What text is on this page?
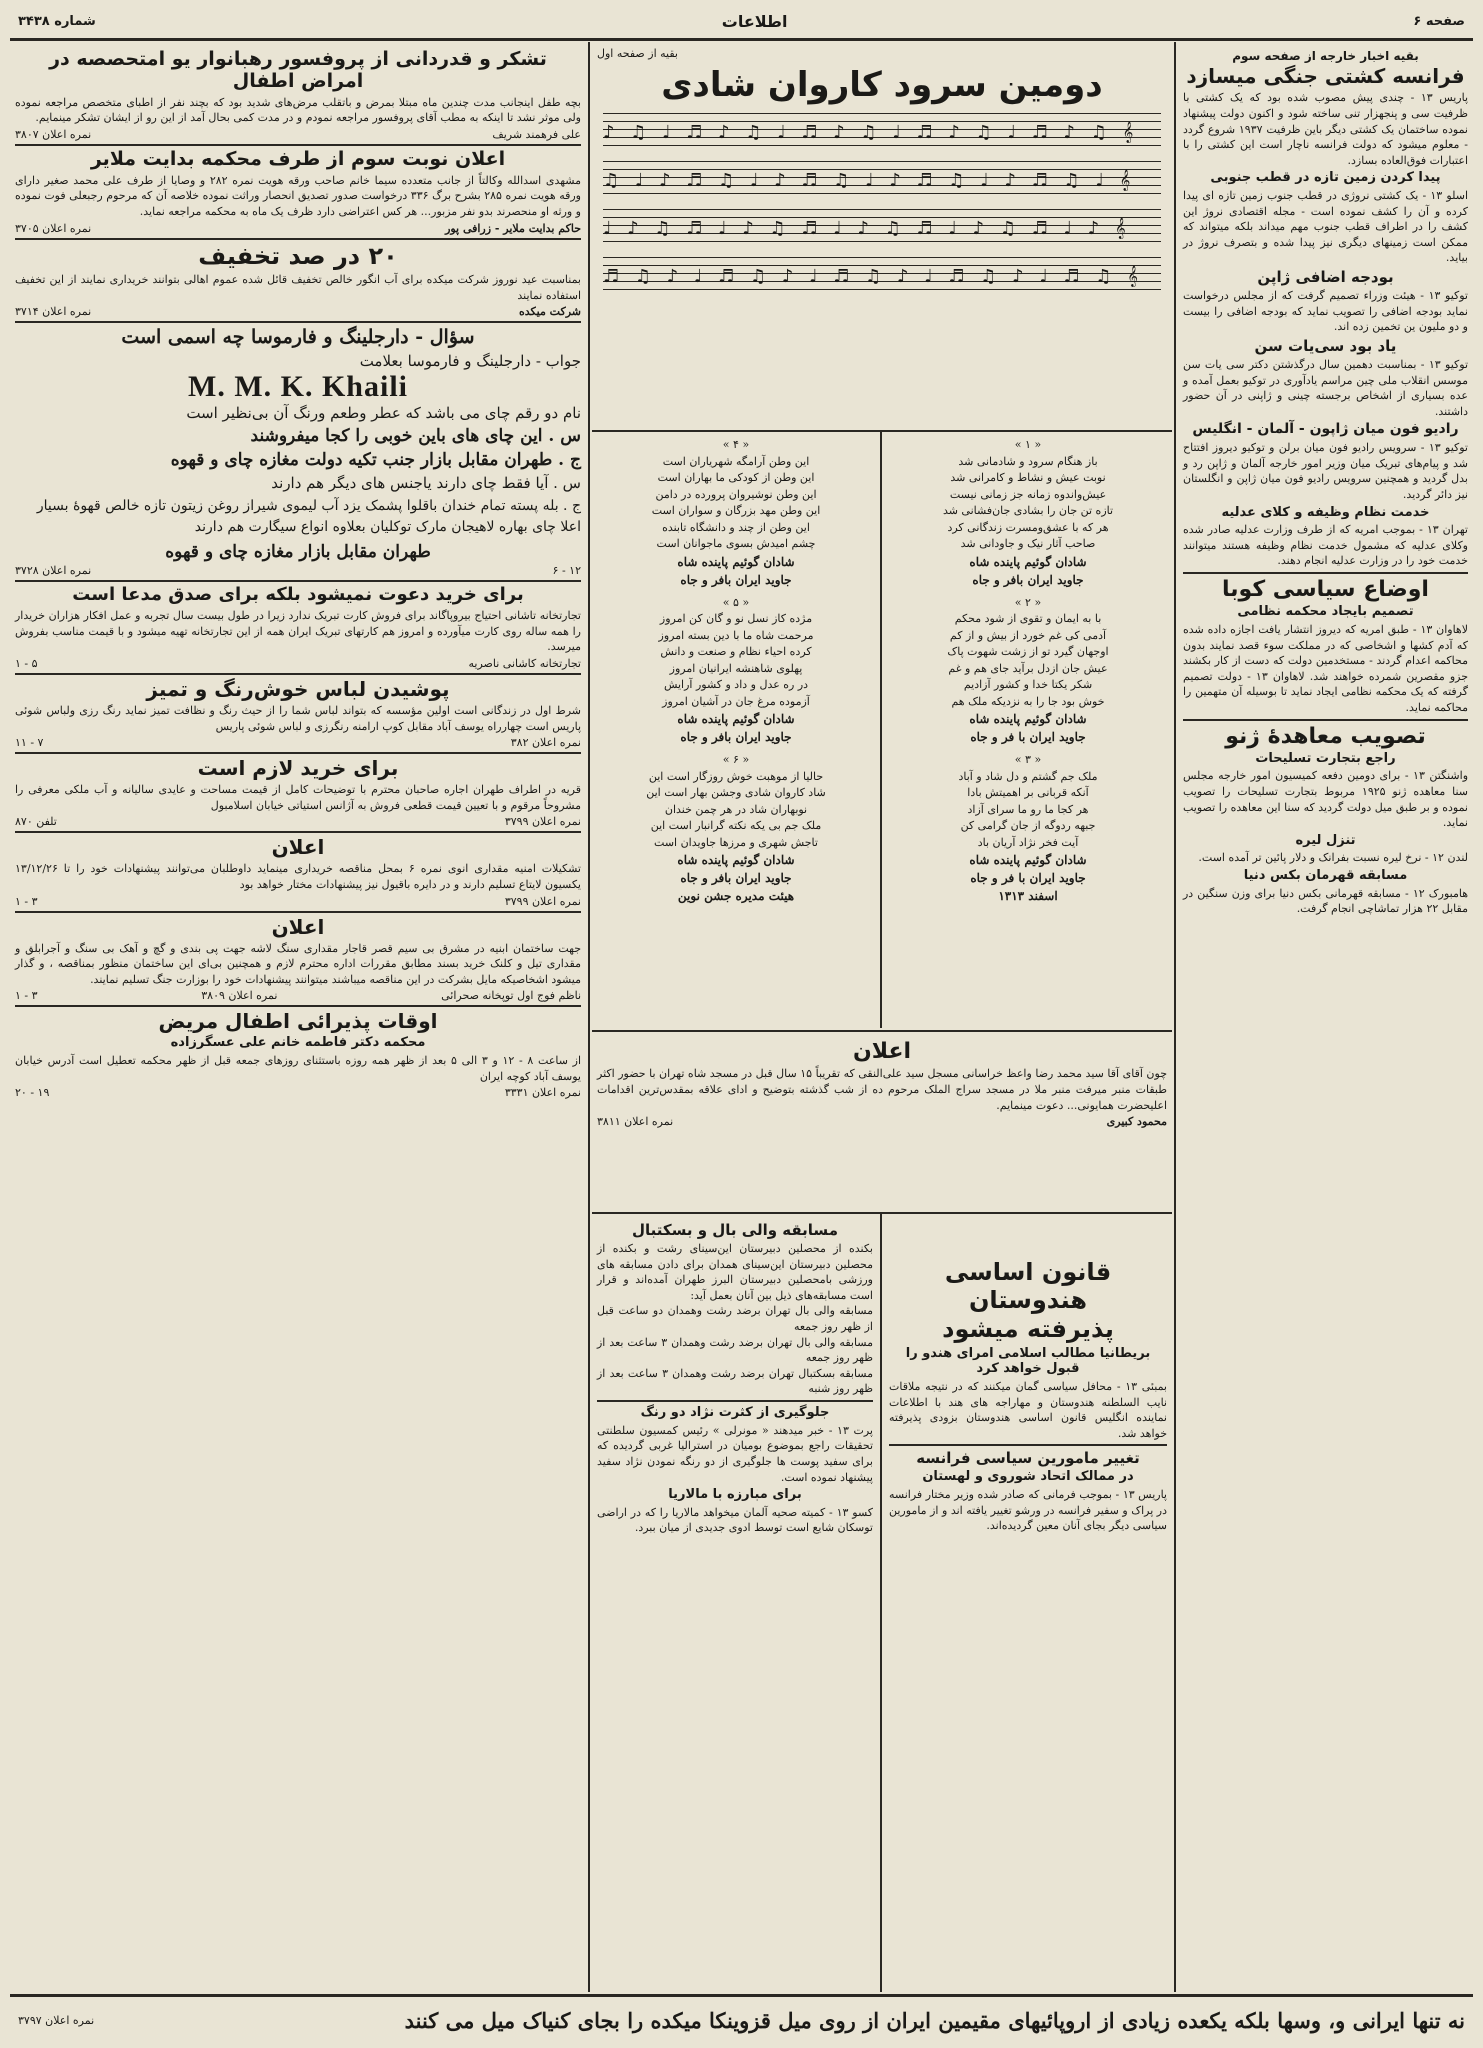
صفحه ۶
اطلاعات
شماره ۳۴۳۸
بقیه اخبار خارجه از صفحه سوم
فرانسه کشتی جنگی میسازد

پاریس ۱۳ - چندی پیش مصوب شده بود که یک کشتی با ظرفیت سی و پنجهزار تنی ساخته شود و اکنون دولت پیشنهاد نموده ساختمان یک کشتی دیگر باین ظرفیت ۱۹۳۷ شروع گردد - معلوم میشود که دولت فرانسه ناچار است این کشتی را با اعتبارات فوق‌العاده بسازد.

پیدا کردن زمین تازه در قطب جنوبی

اسلو ۱۳ - یک کشتی نروژی در قطب جنوب زمین تازه ای پیدا کرده و آن را کشف نموده است - مجله اقتصادی نروژ این کشف را در اطراف قطب جنوب مهم میداند بلکه میتواند که ممکن است زمینهای دیگری نیز پیدا شده و بتصرف نروژ در بیاید.

بودجه اضافی ژاپن

توکیو ۱۳ - هیئت وزراء تصمیم گرفت که از مجلس درخواست نماید بودجه اضافی را تصویب نماید که بودجه اضافی را بیست و دو ملیون ین تخمین زده اند.

یاد بود سی‌یات سن

توکیو ۱۳ - بمناسبت دهمین سال درگذشتن دکتر سی یات سن موسس انقلاب ملی چین مراسم یادآوری در توکیو بعمل آمده و عده بسیاری از اشخاص برجسته چینی و ژاپنی در آن حضور داشتند.

رادیو فون میان ژاپون - آلمان - انگلیس

توکیو ۱۳ - سرویس رادیو فون میان برلن و توکیو دیروز افتتاح شد و پیام‌های تبریک میان وزیر امور خارجه آلمان و ژاپن رد و بدل گردید و همچنین سرویس رادیو فون میان ژاپن و انگلستان نیز دائر گردید.

خدمت نظام وظیفه و کلای عدلیه

تهران ۱۳ - بموجب امریه که از طرف وزارت عدلیه صادر شده وکلای عدلیه که مشمول خدمت نظام وظیفه هستند میتوانند خدمت خود را در وزارت عدلیه انجام دهند.

اوضاع سیاسی کوبا
تصمیم بایجاد محکمه نظامی

لاهاوان ۱۳ - طبق امریه که دیروز انتشار یافت اجازه داده شده که آدم کشها و اشخاصی که در مملکت سوء قصد نمایند بدون محاکمه اعدام گردند - مستخدمین دولت که دست از کار بکشند جزو مقصرین شمرده خواهند شد. لاهاوان ۱۳ - دولت تصمیم گرفته که یک محکمه نظامی ایجاد نماید تا بوسیله آن متهمین را محاکمه نماید.

تصویب معاهدهٔ ژنو
راجع بتجارت تسلیحات

واشنگتن ۱۳ - برای دومین دفعه کمیسیون امور خارجه مجلس سنا معاهده ژنو ۱۹۲۵ مربوط بتجارت تسلیحات را تصویب نموده و بر طبق میل دولت گردید که سنا این معاهده را تصویب نماید.

تنزل لیره

لندن ۱۲ - نرخ لیره نسبت بفرانک و دلار پائین تر آمده است.

مسابقه قهرمان بکس دنیا

هامبورک ۱۲ - مسابقه قهرمانی بکس دنیا برای وزن سنگین در مقابل ۲۲ هزار تماشاچی انجام گرفت.

بقیه از صفحه اول
دومین سرود کاروان شادی
♪ ♫ ♩ ♬ ♪ ♫ ♩ ♬ ♪ ♫ ♩ ♬ ♪ ♫ ♩ ♬ ♪ ♫ 𝄞
♫ ♩ ♪ ♬ ♫ ♩ ♪ ♬ ♫ ♩ ♪ ♬ ♫ ♩ ♪ ♬ ♫ ♩ 𝄞
♩ ♪ ♫ ♬ ♩ ♪ ♫ ♬ ♩ ♪ ♫ ♬ ♩ ♪ ♫ ♬ ♩ ♪ 𝄞
♬ ♫ ♪ ♩ ♬ ♫ ♪ ♩ ♬ ♫ ♪ ♩ ♬ ♫ ♪ ♩ ♬ ♫ 𝄞
« ۱ »
باز هنگام سرود و شادمانی شد
نوبت عیش و نشاط و کامرانی شد
عیش‌واندوه زمانه جز زمانی نیست
تازه تن جان را بشادی جان‌فشانی شد
هر که با عشق‌ومسرت زندگانی کرد
صاحب آثار نیک و جاودانی شد
شادان گوئیم پاینده شاه
جاوید ایران بافر و جاه
« ۲ »
با به ایمان و تقوی از شود محکم
آدمی کی غم خورد از بیش و از کم
اوجهان گیرد تو از زشت شهوت پاک
عیش جان ازدل برآید جای هم و غم
شکر یکتا خدا و کشور آزادیم
خوش بود جا را به نزدیکه ملک هم
شادان گوئیم پاینده شاه
جاوید ایران با فر و جاه
« ۳ »
ملک جم گشتم و دل شاد و آباد
آنکه قربانی بر اهمیتش بادا
هر کجا ما رو ما سرای آزاد
جبهه ردوگه از جان گرامی کن
آیت فخر نژاد آریان باد
شادان گوئیم پاینده شاه
جاوید ایران با فر و جاه
اسفند ۱۳۱۳
« ۴ »
این وطن آرامگه شهریاران است
این وطن از کودکی ما بهاران است
این وطن نوشیروان پرورده در دامن
این وطن مهد بزرگان و سواران است
این وطن از چند و دانشگاه تابنده
چشم امیدش بسوی ماجوانان است
شادان گوئیم پاینده شاه
جاوید ایران بافر و جاه
« ۵ »
مژده کاز نسل نو و گان کن امروز
مرحمت شاه ما با دین بسته امروز
کرده احیاء نظام و صنعت و دانش
پهلوی شاهنشه ایرانیان امروز
در ره عدل و داد و کشور آرایش
آزموده مرغ جان در آشیان امروز
شادان گوئیم پاینده شاه
جاوید ایران بافر و جاه
« ۶ »
حالیا از موهبت خوش روزگار است این
شاد کاروان شادی وجشن بهار است این
نوبهاران شاد در هر چمن خندان
ملک جم بی یکه نکته گرانبار است این
تاجش شهری و مرزها جاویدان است
شادان گوئیم پاینده شاه
جاوید ایران بافر و جاه
هیئت مدیره جشن نوین
اعلان

چون آقای آقا سید محمد رضا واعظ خراسانی مسجل سید علی‌النقی که تقریباً ۱۵ سال قبل در مسجد شاه تهران با حضور اکثر طبقات منبر میرفت منبر ملا در مسجد سراج الملک مرحوم ده از شب گذشته بتوضیح و ادای علاقه بمقدس‌ترین اقدامات اعلیحضرت همایونی... دعوت مینمایم.

محمود کبیری
نمره اعلان ۳۸۱۱
مسابقه والی بال و بسکتبال

بکنده از محصلین دبیرستان این‌سینای رشت و بکنده از محصلین دبیرستان این‌سینای همدان برای دادن مسابقه های ورزشی بامحصلین دبیرستان البرز طهران آمده‌اند و قرار است مسابقه‌های ذیل بین آنان بعمل آید:
مسابقه والی بال تهران برضد رشت وهمدان دو ساعت قبل از ظهر روز جمعه
مسابقه والی بال تهران برضد رشت وهمدان ۳ ساعت بعد از ظهر روز جمعه
مسابقه بسکتبال تهران برضد رشت وهمدان ۳ ساعت بعد از ظهر روز شنبه

جلوگیری از کثرت نژاد دو رنگ

پرت ۱۳ - خبر میدهند « مونرلی » رئیس کمسیون سلطنتی تحقیقات راجع بموضوع بومیان در استرالیا غربی گردیده که برای سفید پوست ها جلوگیری از دو رنگه نمودن نژاد سفید پیشنهاد نموده است.

برای مبارزه با مالاریا

کسو ۱۳ - کمیته صحیه آلمان میخواهد مالاریا را که در اراضی توسکان شایع است توسط ادوی جدیدی از میان ببرد.

قانون اساسی هندوستان
پذیرفته میشود
بریطانیا مطالب اسلامی امرای هندو را قبول خواهد کرد

بمبئی ۱۳ - محافل سیاسی گمان میکنند که در نتیجه ملاقات نایب السلطنه هندوستان و مهاراجه های هند با اطلاعات نماینده انگلیس قانون اساسی هندوستان بزودی پذیرفته خواهد شد.

تغییر مامورین سیاسی فرانسه
در ممالک اتحاد شوروی و لهستان

پاریس ۱۳ - بموجب فرمانی که صادر شده وزیر مختار فرانسه در پراک و سفیر فرانسه در ورشو تغییر یافته اند و از مامورین سیاسی دیگر بجای آنان معین گردیده‌اند.

تشکر و قدردانی از پروفسور رهبانوار یو امتحصصه در امراض اطفال

بچه طفل اینجانب مدت چندین ماه مبتلا بمرض و باتقلب مرض‌های شدید بود که بچند نفر از اطبای متخصص مراجعه نموده ولی موثر نشد تا اینکه به مطب آقای پروفسور مراجعه نمودم و در مدت کمی بحال آمد از این رو از ایشان تشکر مینمایم.

علی فرهمند شریف
نمره اعلان ۳۸۰۷
اعلان نوبت سوم از طرف محکمه بدایت ملایر

مشهدی اسدالله وکالتاً از جانب متعدده سیما خانم صاحب ورقه هویت نمره ۲۸۲ و وصایا از طرف علی محمد صغیر دارای ورقه هویت نمره ۲۸۵ بشرح برگ ۳۳۶ درخواست صدور تصدیق انحصار وراثت نموده خلاصه آن که مرحوم رجبعلی فوت نموده و ورثه او منحصرند بدو نفر مزبور... هر کس اعتراضی دارد ظرف یک ماه به محکمه مراجعه نماید.

حاکم بدایت ملایر - زرافی پور
نمره اعلان ۳۷۰۵
۲۰ در صد تخفیف

بمناسبت عید نوروز شرکت میکده برای آب انگور خالص تخفیف قائل شده عموم اهالی بتوانند خریداری نمایند از این تخفیف استفاده نمایند

شرکت میکده
نمره اعلان ۳۷۱۴
سؤال - دارجلینگ و فارموسا چه اسمی است
جواب - دارجلینگ و فارموسا بعلامت
M. M. K. Khaili
نام دو رقم چای می باشد که عطر وطعم ورنگ آن بی‌نظیر است
س . این چای های باین خوبی را کجا میفروشند
ج . طهران مقابل بازار جنب تکیه دولت مغازه چای و قهوه
س . آیا فقط چای دارند یاجنس های دیگر هم دارند
ج . بله پسته تمام خندان باقلوا پشمک یزد آب لیموی شیراز روغن زیتون تازه خالص قهوهٔ بسیار اعلا چای بهاره لاهیجان مارک توکلیان بعلاوه انواع سیگارت هم دارند
طهران مقابل بازار مغازه چای و قهوه
۱۲ - ۶
نمره اعلان ۳۷۲۸
برای خرید دعوت نمیشود بلکه برای صدق مدعا است

تجارتخانه تاشانی احتیاج بیروپاگاند برای فروش کارت تبریک ندارد زیرا در طول بیست سال تجربه و عمل افکار هزاران خریدار را همه ساله روی کارت میآورده و امروز هم کارتهای تبریک ایران همه از این تجارتخانه تهیه میشود و با قیمت مناسب بفروش میرسد.

تجارتخانه کاشانی ناصریه
۵ - ۱
پوشیدن لباس خوش‌رنگ و تمیز

شرط اول در زندگانی است اولین مؤسسه که بتواند لباس شما را از حیث رنگ و نظافت تمیز نماید رنگ رزی ولباس شوئی پاریس است چهارراه یوسف آباد مقابل کوپ ارامنه رنگرزی و لباس شوئی پاریس

نمره اعلان ۳۸۲
۷ - ۱۱
برای خرید لازم است

قریه در اطراف طهران اجاره صاحبان محترم با توضیحات کامل از قیمت مساحت و عایدی سالیانه و آب ملکی معرفی را مشروحاً مرقوم و با تعیین قیمت قطعی فروش به آژانس استیاتی خیابان اسلامبول

نمره اعلان ۳۷۹۹
تلفن ۸۷۰
اعلان

تشکیلات امنیه مقداری انوی نمره ۶ بمحل مناقصه خریداری مینماید داوطلبان می‌توانند پیشنهادات خود را تا ۱۳/۱۲/۲۶ یکسیون لایتاع تسلیم دارند و در دایره باقیول نیز پیشنهادات مختار خواهد بود

نمره اعلان ۳۷۹۹
۳ - ۱
اعلان

جهت ساختمان ابنیه در مشرق بی سیم قصر قاجار مقداری سنگ لاشه جهت پی بندی و گچ و آهک بی سنگ و آجرابلق و مقداری تیل و کلنک خرید بسند مطابق مقررات اداره محترم لازم و همچنین بی‌ای این ساختمان منظور بمناقصه ، و گذار میشود اشخاصیکه مایل بشرکت در این مناقصه میباشند میتوانند پیشنهادات خود را بوزارت جنگ تسلیم نمایند.

ناظم فوج اول توپخانه صحرائی
نمره اعلان ۳۸۰۹
۳ - ۱
اوقات پذیرائی اطفال مریض
محکمه دکتر فاطمه خانم علی عسگرزاده

از ساعت ۸ - ۱۲ و ۳ الی ۵ بعد از ظهر همه روزه باستثنای روزهای جمعه قبل از ظهر محکمه تعطیل است آدرس خیابان یوسف آباد کوچه ایران

نمره اعلان ۳۳۳۱
۱۹ - ۲۰
نه تنها ایرانی و، وسها بلکه یکعده زیادی از اروپائیهای مقیمین ایران از روی میل قزوینکا میکده را بجای کنیاک میل می کنند
نمره اعلان ۳۷۹۷
